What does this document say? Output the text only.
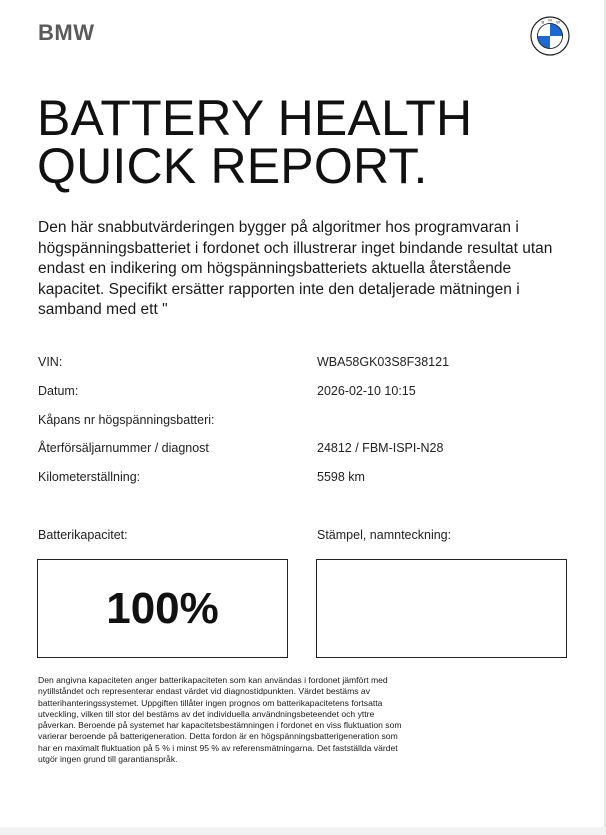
BMW	B M W
BATTERY HEALTH
QUICK REPORT.
Den här snabbutvärderingen bygger på algoritmer hos programvaran i högspänningsbatteriet i fordonet och illustrerar inget bindande resultat utan endast en indikering om högspänningsbatteriets aktuella återstående kapacitet. Specifikt ersätter rapporten inte den detaljerade mätningen i samband med ett "
VIN:	WBA58GK03S8F38121
Datum:	2026-02-10 10:15
Kåpans nr högspänningsbatteri:
Återförsäljarnummer / diagnost	24812 / FBM-ISPI-N28
Kilometerställning:	5598 km
Batterikapacitet:	Stämpel, namnteckning:
100%
Den angivna kapaciteten anger batterikapaciteten som kan användas i fordonet jämfört med nytillståndet och representerar endast värdet vid diagnostidpunkten. Värdet bestäms av batterihanteringssystemet. Uppgiften tillåter ingen prognos om batterikapacitetens fortsatta utveckling, vilken till stor del bestäms av det individuella användningsbeteendet och yttre påverkan. Beroende på systemet har kapacitetsbestämningen i fordonet en viss fluktuation som varierar beroende på batterigeneration. Detta fordon är en högspänningsbatterigeneration som har en maximalt fluktuation på 5 % i minst 95 % av referensmätningarna. Det fastställda värdet utgör ingen grund till garantianspråk.
